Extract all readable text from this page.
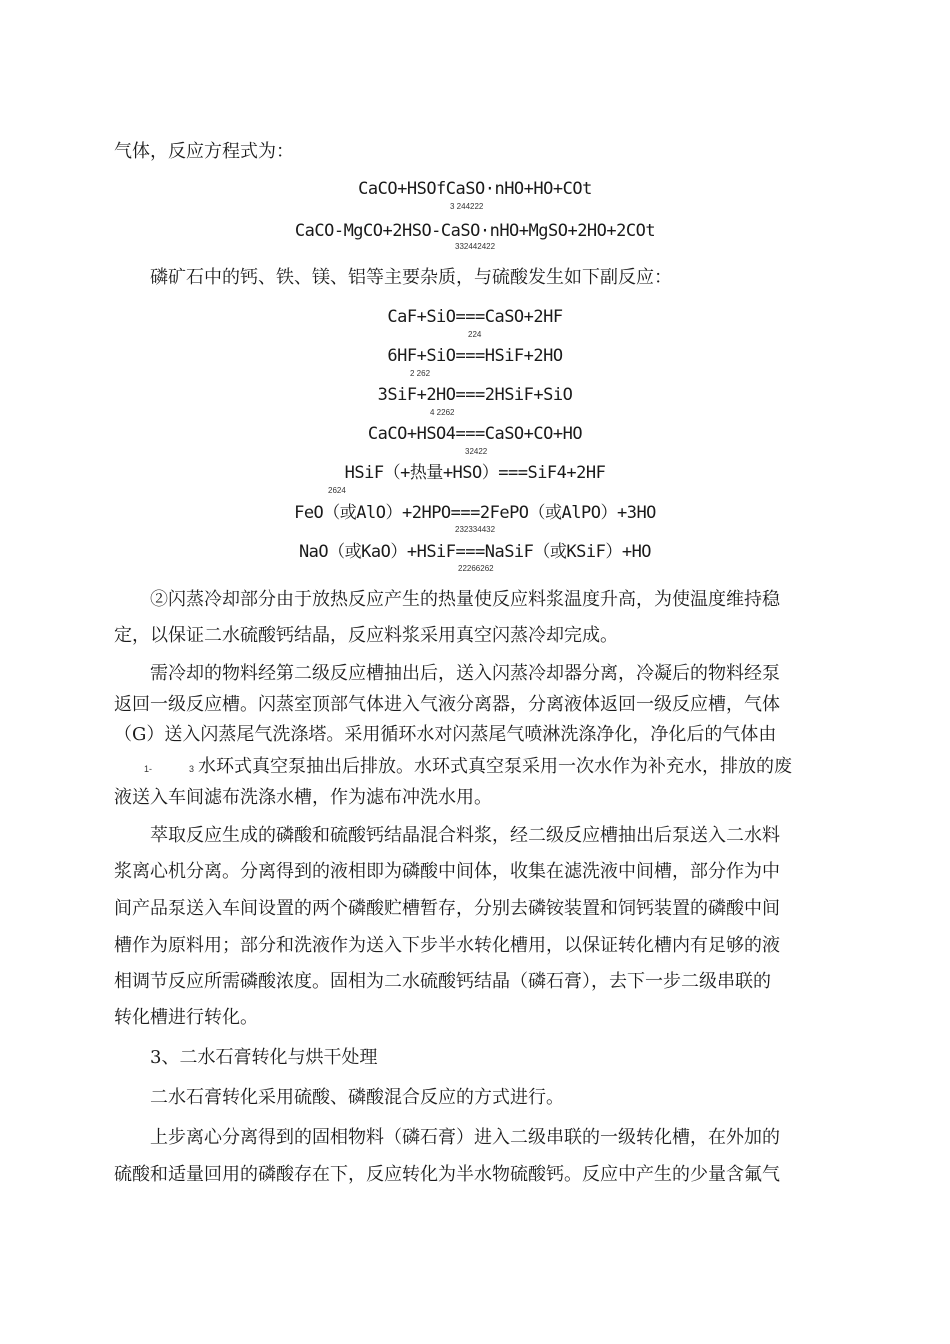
气体，反应方程式为：
CaCO+HSOfCaSO·nHO+HO+COt
3 244222
CaCO-MgCO+2HSO-CaSO·nHO+MgSO+2HO+2COt
332442422
磷矿石中的钙、铁、镁、铝等主要杂质，与硫酸发生如下副反应：
CaF+SiO===CaSO+2HF
224
6HF+SiO===HSiF+2HO
2 262
3SiF+2HO===2HSiF+SiO
4 2262
CaCO+HSO4===CaSO+CO+HO
32422
HSiF（+热量+HSO）===SiF4+2HF
2624
FeO（或AlO）+2HPO===2FePO（或AlPO）+3HO
232334432
NaO（或KaO）+HSiF===NaSiF（或KSiF）+HO
22266262
②闪蒸冷却部分由于放热反应产生的热量使反应料浆温度升高，为使温度维持稳
定，以保证二水硫酸钙结晶，反应料浆采用真空闪蒸冷却完成。
需冷却的物料经第二级反应槽抽出后，送入闪蒸冷却器分离，冷凝后的物料经泵
返回一级反应槽。闪蒸室顶部气体进入气液分离器，分离液体返回一级反应槽，气体
（G）送入闪蒸尾气洗涤塔。采用循环水对闪蒸尾气喷淋洗涤净化，净化后的气体由
1-	3 水环式真空泵抽出后排放。水环式真空泵采用一次水作为补充水，排放的废
液送入车间滤布洗涤水槽，作为滤布冲洗水用。
萃取反应生成的磷酸和硫酸钙结晶混合料浆，经二级反应槽抽出后泵送入二水料
浆离心机分离。分离得到的液相即为磷酸中间体，收集在滤洗液中间槽，部分作为中
间产品泵送入车间设置的两个磷酸贮槽暂存，分别去磷铵装置和饲钙装置的磷酸中间
槽作为原料用；部分和洗液作为送入下步半水转化槽用，以保证转化槽内有足够的液
相调节反应所需磷酸浓度。固相为二水硫酸钙结晶（磷石膏），去下一步二级串联的
转化槽进行转化。
3、二水石膏转化与烘干处理
二水石膏转化采用硫酸、磷酸混合反应的方式进行。
上步离心分离得到的固相物料（磷石膏）进入二级串联的一级转化槽，在外加的
硫酸和适量回用的磷酸存在下，反应转化为半水物硫酸钙。反应中产生的少量含氟气
